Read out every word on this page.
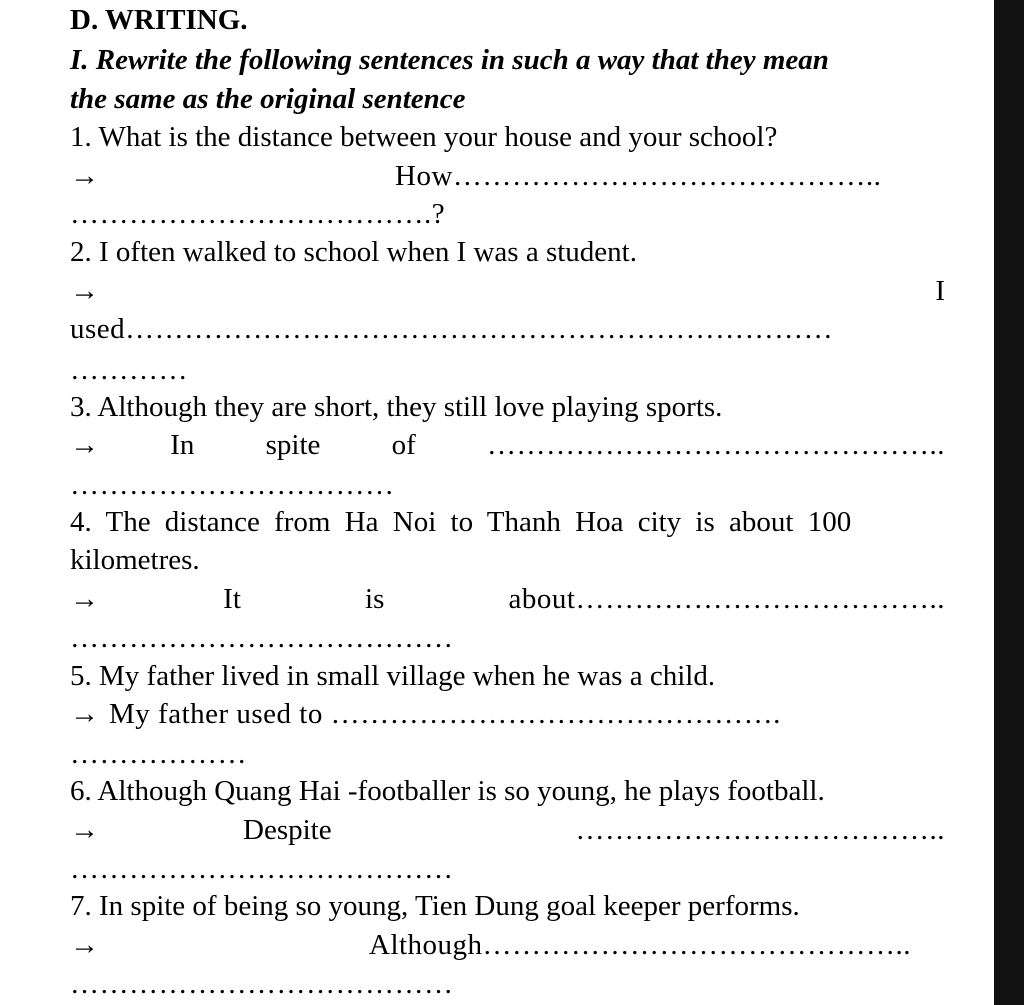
D. WRITING.
I. Rewrite the following sentences in such a way that they mean
the same as the original sentence
1. What is the distance between your house and your school?
→	How……………………………………..
……………………………….?
2. I often walked to school when I was a student.
→	I
used………………………………………………………………
…………
3. Although they are short, they still love playing sports.
→ In spite of ………………………………………..
……………………………
4. The distance from Ha Noi to Thanh Hoa city is about 100
kilometres.
→	It	is	about………………………………..
…………………………………
5. My father lived in small village when he was a child.
→ My father used to ……………………………………….
………………
6. Although Quang Hai -footballer is so young, he plays football.
→	Despite	………………………………..
…………………………………
7. In spite of being so young, Tien Dung goal keeper performs.
→	Although……………………………………..
…………………………………
